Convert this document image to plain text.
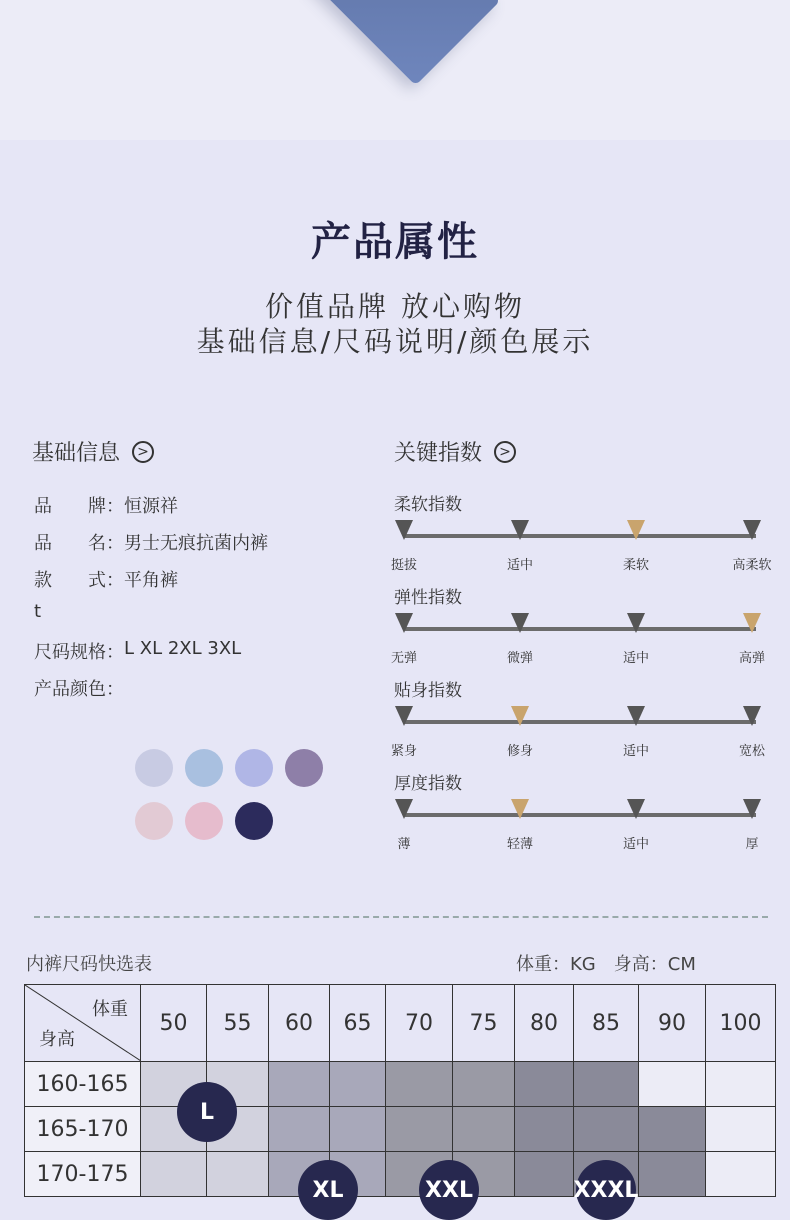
产品属性
价值品牌 放心购物
基础信息/尺码说明/颜色展示
基础信息	>
品　　牌： 恒源祥
品　　名： 男士无痕抗菌内裤
款　　式： 平角裤
t
尺码规格： L XL 2XL 3XL
产品颜色：
关键指数	>
柔软指数
挺拔	适中	柔软	高柔软
弹性指数
无弹	微弹	适中	高弹
贴身指数
紧身	修身	适中	宽松
厚度指数
薄	轻薄	适中	厚
内裤尺码快选表	体重：KG　身高：CM
体重
身高	50	55	60	65	70	75	80	85	90	100
160-165										
165-170										
170-175										
L
XL	XXL	XXXL
